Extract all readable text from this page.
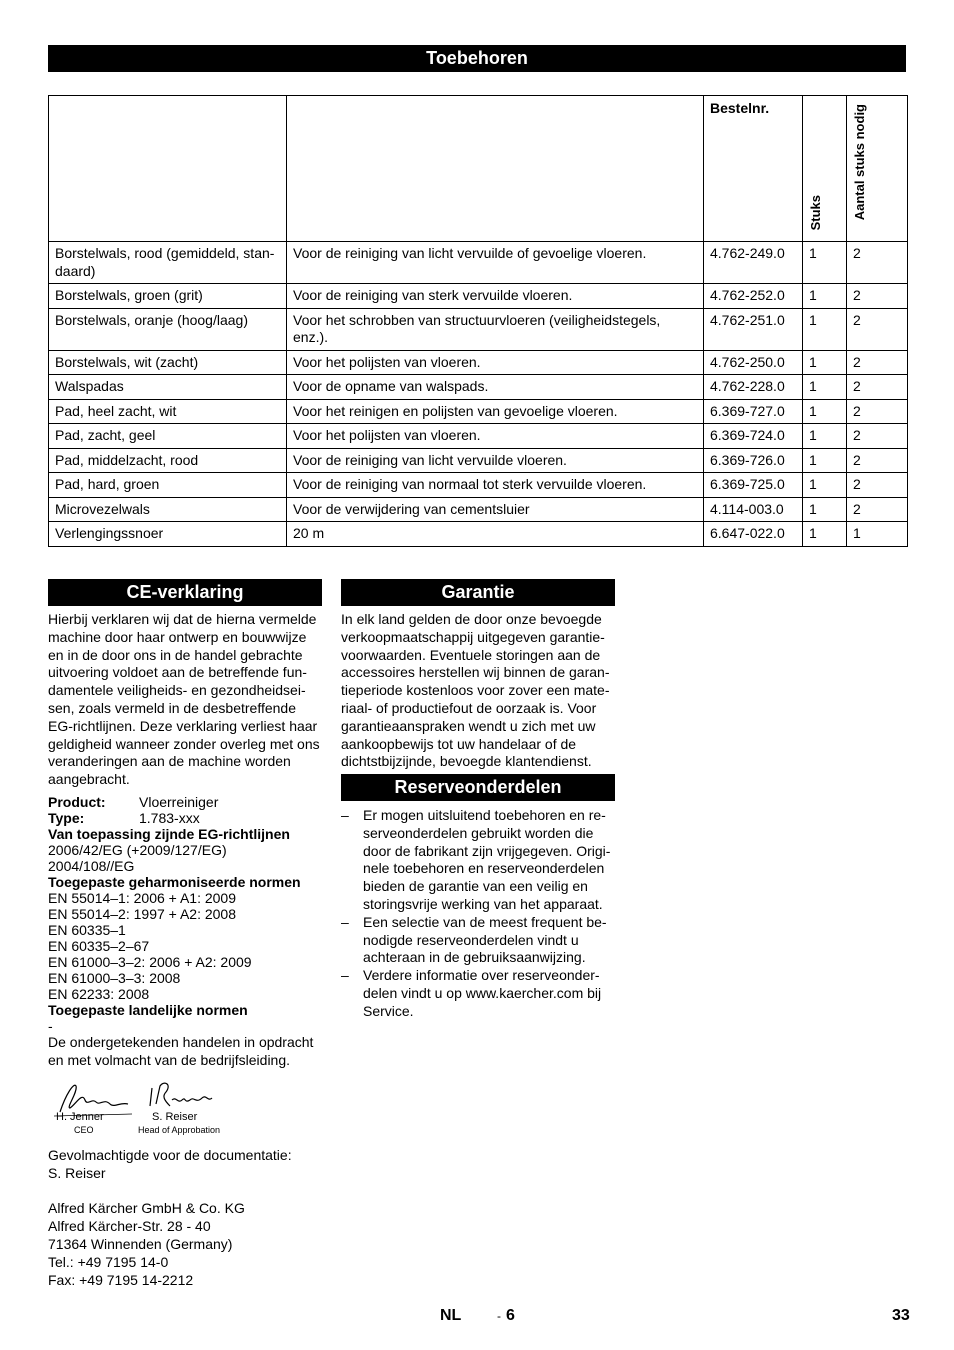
Toebehoren
		Bestelnr.	Stuks	Aantal stuks nodig
Borstelwals, rood (gemiddeld, stan-daard)	Voor de reiniging van licht vervuilde of gevoelige vloeren.	4.762-249.0	1	2
Borstelwals, groen (grit)	Voor de reiniging van sterk vervuilde vloeren.	4.762-252.0	1	2
Borstelwals, oranje (hoog/laag)	Voor het schrobben van structuurvloeren (veiligheidstegels, enz.).	4.762-251.0	1	2
Borstelwals, wit (zacht)	Voor het polijsten van vloeren.	4.762-250.0	1	2
Walspadas	Voor de opname van walspads.	4.762-228.0	1	2
Pad, heel zacht, wit	Voor het reinigen en polijsten van gevoelige vloeren.	6.369-727.0	1	2
Pad, zacht, geel	Voor het polijsten van vloeren.	6.369-724.0	1	2
Pad, middelzacht, rood	Voor de reiniging van licht vervuilde vloeren.	6.369-726.0	1	2
Pad, hard, groen	Voor de reiniging van normaal tot sterk vervuilde vloeren.	6.369-725.0	1	2
Microvezelwals	Voor de verwijdering van cementsluier	4.114-003.0	1	2
Verlengingssnoer	20 m	6.647-022.0	1	1
CE-verklaring

Hierbij verklaren wij dat de hierna vermelde machine door haar ontwerp en bouwwijze en in de door ons in de handel gebrachte uitvoering voldoet aan de betreffende fun-damentele veiligheids- en gezondheidsei-sen, zoals vermeld in de desbetreffende EG-richtlijnen. Deze verklaring verliest haar geldigheid wanneer zonder overleg met ons veranderingen aan de machine worden aangebracht.

Product: Vloerreiniger
Type:	1.783-xxx
Van toepassing zijnde EG-richtlijnen
2006/42/EG (+2009/127/EG)
2004/108//EG
Toegepaste geharmoniseerde normen
EN 55014–1: 2006 + A1: 2009
EN 55014–2: 1997 + A2: 2008
EN 60335–1
EN 60335–2–67
EN 61000–3–2: 2006 + A2: 2009
EN 61000–3–3: 2008
EN 62233: 2008
Toegepaste landelijke normen
-

De ondergetekenden handelen in opdracht en met volmacht van de bedrijfsleiding.

H. Jenner
CEO
S. Reiser
Head of Approbation
Gevolmachtigde voor de documentatie:
S. Reiser
Alfred Kärcher GmbH & Co. KG
Alfred Kärcher-Str. 28 - 40
71364 Winnenden (Germany)
Tel.: +49 7195 14-0
Fax: +49 7195 14-2212
Garantie

In elk land gelden de door onze bevoegde verkoopmaatschappij uitgegeven garantie-voorwaarden. Eventuele storingen aan de accessoires herstellen wij binnen de garan-tieperiode kostenloos voor zover een mate-riaal- of productiefout de oorzaak is. Voor garantieaanspraken wendt u zich met uw aankoopbewijs tot uw handelaar of de dichtstbijzijnde, bevoegde klantendienst.

Reserveonderdelen
– Er mogen uitsluitend toebehoren en re-serveonderdelen gebruikt worden die door de fabrikant zijn vrijgegeven. Origi-nele toebehoren en reserveonderdelen bieden de garantie van een veilig en storingsvrije werking van het apparaat.
– Een selectie van de meest frequent be-nodigde reserveonderdelen vindt u achteraan in de gebruiksaanwijzing.
– Verdere informatie over reserveonder-delen vindt u op www.kaercher.com bij Service.
NL	- 6	33
